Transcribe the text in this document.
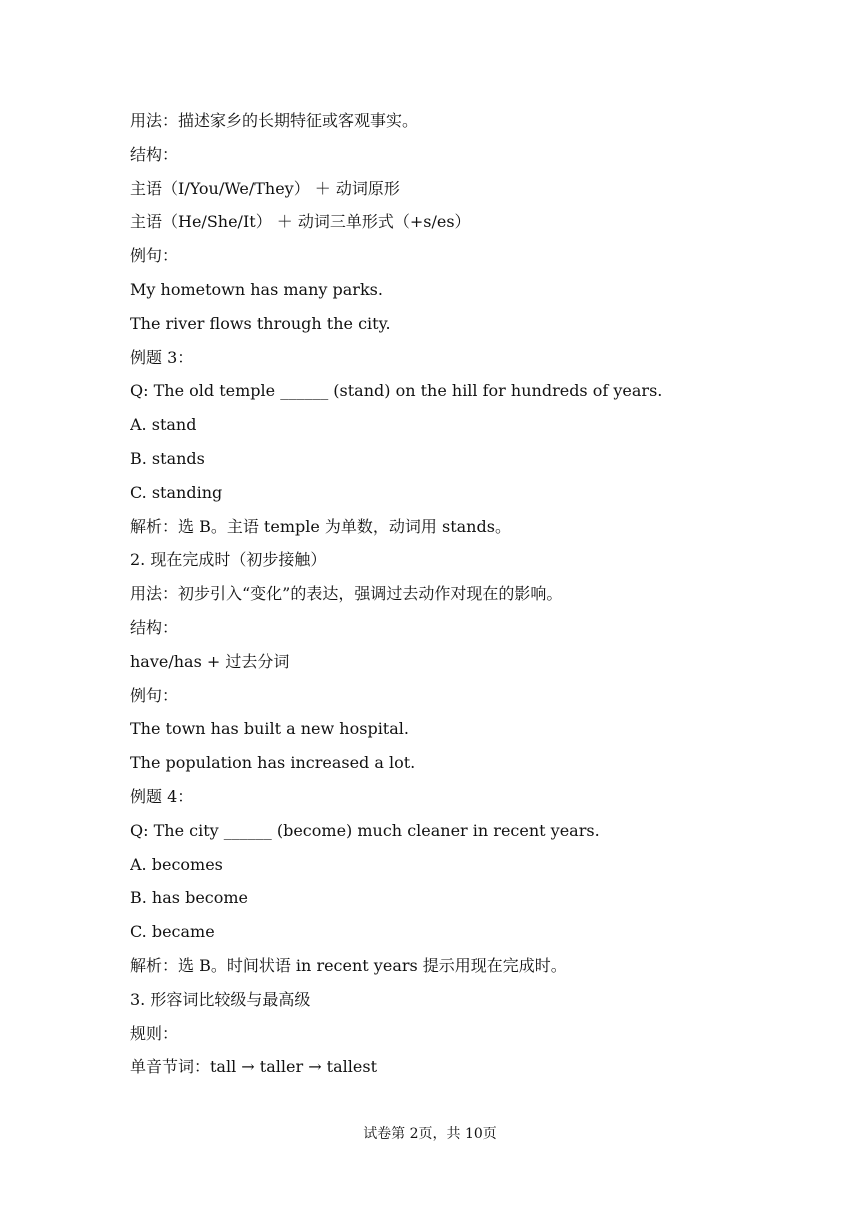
用法：描述家乡的长期特征或客观事实。
结构：
主语（I/You/We/They） ＋ 动词原形
主语（He/She/It） ＋ 动词三单形式（+s/es）
例句：
My hometown has many parks.
The river flows through the city.
例题 3：
Q: The old temple ______ (stand) on the hill for hundreds of years.
A. stand
B. stands
C. standing
解析：选 B。主语 temple 为单数，动词用 stands。
2. 现在完成时（初步接触）
用法：初步引入“变化”的表达，强调过去动作对现在的影响。
结构：
have/has + 过去分词
例句：
The town has built a new hospital.
The population has increased a lot.
例题 4：
Q: The city ______ (become) much cleaner in recent years.
A. becomes
B. has become
C. became
解析：选 B。时间状语 in recent years 提示用现在完成时。
3. 形容词比较级与最高级
规则：
单音节词：tall → taller → tallest
试卷第 2页，共 10页
